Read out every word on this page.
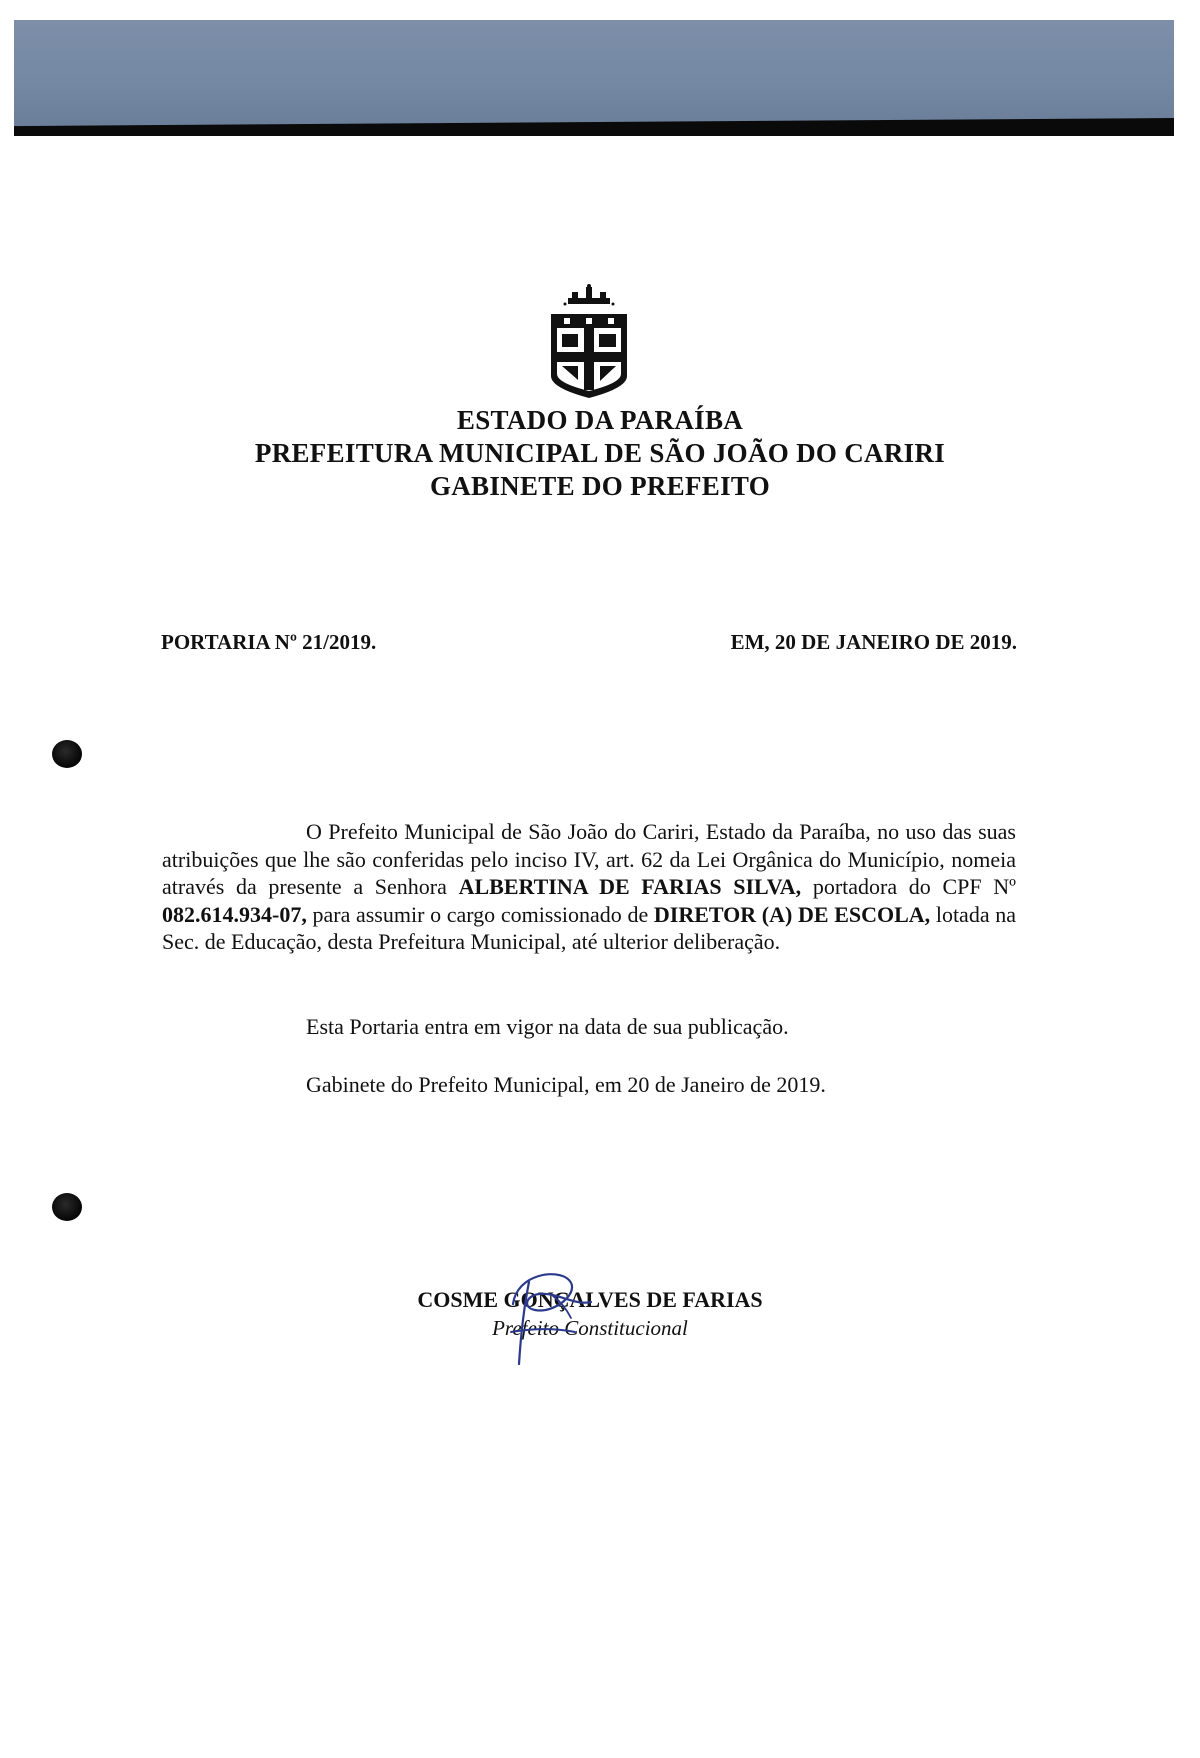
ESTADO DA PARAÍBA
PREFEITURA MUNICIPAL DE SÃO JOÃO DO CARIRI
GABINETE DO PREFEITO
PORTARIA Nº 21/2019.	EM, 20 DE JANEIRO DE 2019.
O Prefeito Municipal de São João do Cariri, Estado da Paraíba, no uso das suas atribuições que lhe são conferidas pelo inciso IV, art. 62 da Lei Orgânica do Município, nomeia através da presente a Senhora ALBERTINA DE FARIAS SILVA, portadora do CPF Nº 082.614.934-07, para assumir o cargo comissionado de DIRETOR (A) DE ESCOLA, lotada na Sec. de Educação, desta Prefeitura Municipal, até ulterior deliberação.
Esta Portaria entra em vigor na data de sua publicação.
Gabinete do Prefeito Municipal, em 20 de Janeiro de 2019.
COSME GONÇALVES DE FARIAS
Prefeito Constitucional
